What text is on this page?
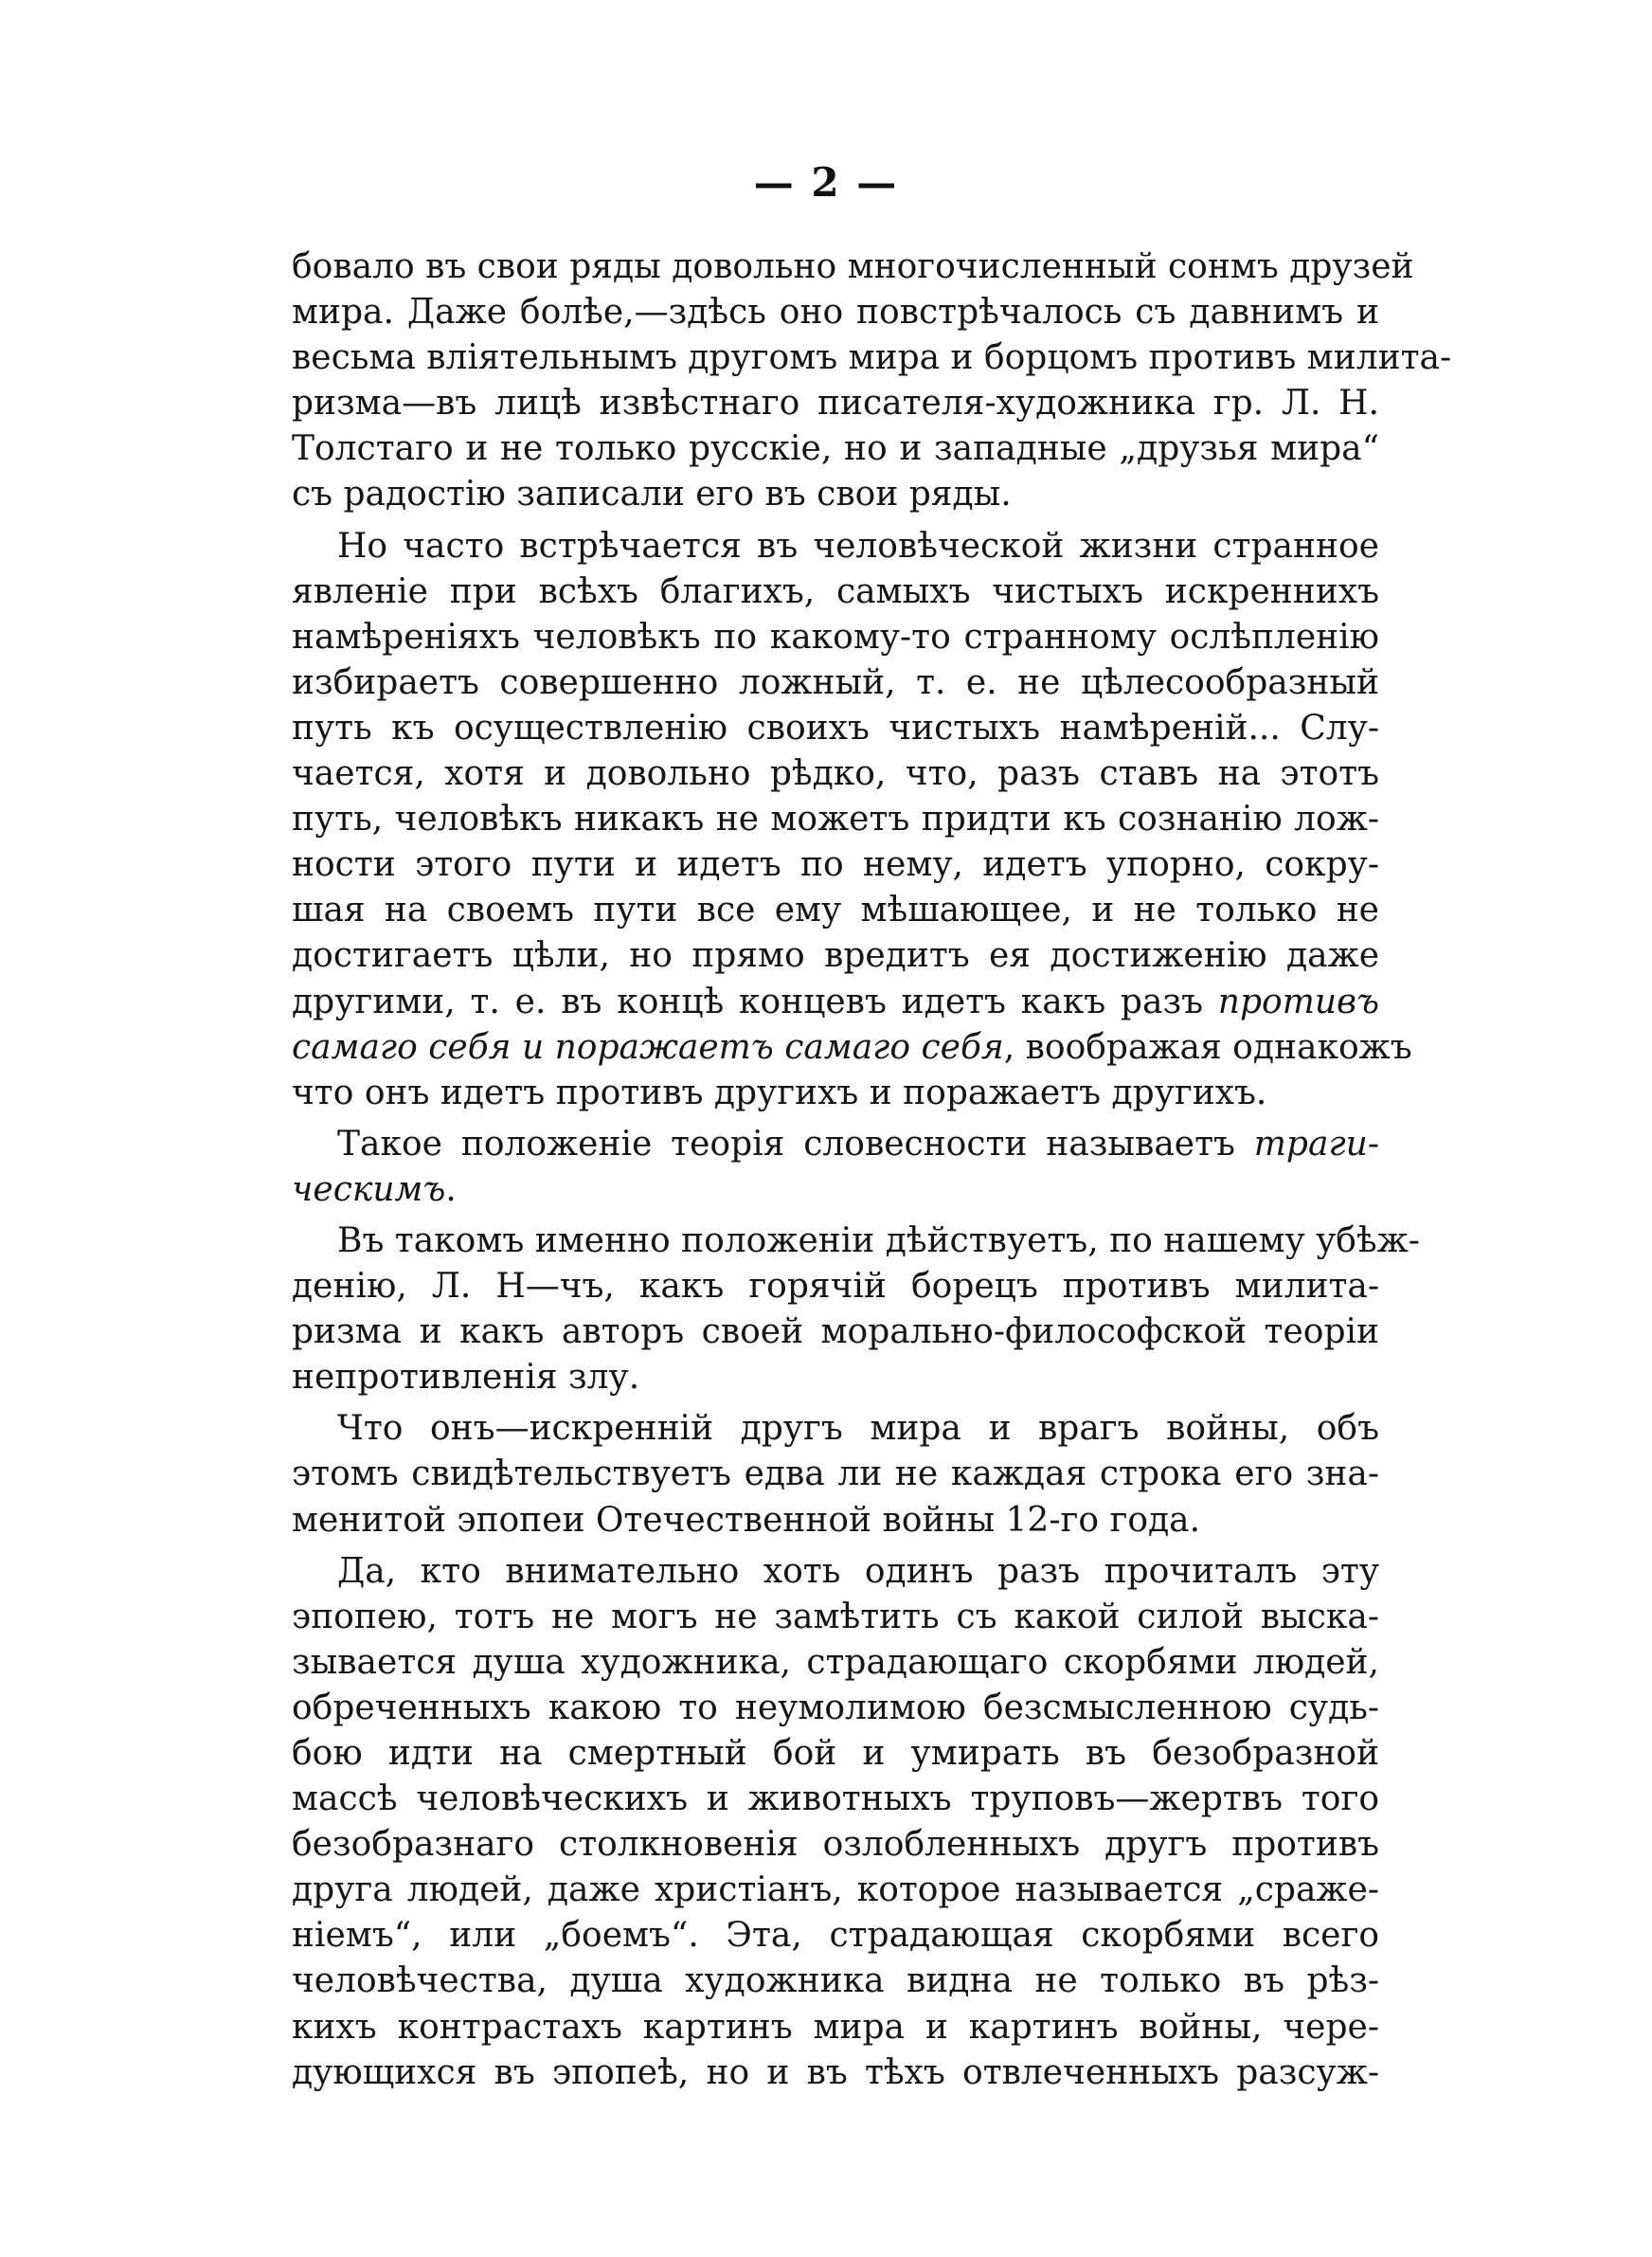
— 2 —
бовало въ свои ряды довольно многочисленный сонмъ друзей
мира. Даже болѣе,—здѣсь оно повстрѣчалось съ давнимъ и
весьма влiятельнымъ другомъ мира и борцомъ противъ милита-
ризма—въ лицѣ извѣстнаго писателя-художника гр. Л. Н.
Толстаго и не только русскiе, но и западные „друзья мира“
съ радостiю записали его въ свои ряды.
Но часто встрѣчается въ человѣческой жизни странное
явленiе при всѣхъ благихъ, самыхъ чистыхъ искреннихъ
намѣренiяхъ человѣкъ по какому-то странному ослѣпленiю
избираетъ совершенно ложный, т. е. не цѣлесообразный
путь къ осуществленiю своихъ чистыхъ намѣренiй... Слу-
чается, хотя и довольно рѣдко, что, разъ ставъ на этотъ
путь, человѣкъ никакъ не можетъ придти къ сознанiю лож-
ности этого пути и идетъ по нему, идетъ упорно, сокру-
шая на своемъ пути все ему мѣшающее, и не только не
достигаетъ цѣли, но прямо вредитъ ея достиженiю даже
другими, т. е. въ концѣ концевъ идетъ какъ разъ противъ
самаго себя и поражаетъ самаго себя, воображая однакожъ
что онъ идетъ противъ другихъ и поражаетъ другихъ.
Такое положенiе теорiя словесности называетъ траги-
ческимъ.
Въ такомъ именно положенiи дѣйствуетъ, по нашему убѣж-
денiю, Л. Н—чъ, какъ горячiй борецъ противъ милита-
ризма и какъ авторъ своей морально-философской теорiи
непротивленiя злу.
Что онъ—искреннiй другъ мира и врагъ войны, объ
этомъ свидѣтельствуетъ едва ли не каждая строка его зна-
менитой эпопеи Отечественной войны 12-го года.
Да, кто внимательно хоть одинъ разъ прочиталъ эту
эпопею, тотъ не могъ не замѣтить съ какой силой выска-
зывается душа художника, страдающаго скорбями людей,
обреченныхъ какою то неумолимою безсмысленною судь-
бою идти на смертный бой и умирать въ безобразной
массѣ человѣческихъ и животныхъ труповъ—жертвъ того
безобразнаго столкновенiя озлобленныхъ другъ противъ
друга людей, даже христiанъ, которое называется „сраже-
нiемъ“, или „боемъ“. Эта, страдающая скорбями всего
человѣчества, душа художника видна не только въ рѣз-
кихъ контрастахъ картинъ мира и картинъ войны, чере-
дующихся въ эпопеѣ, но и въ тѣхъ отвлеченныхъ разсуж-
